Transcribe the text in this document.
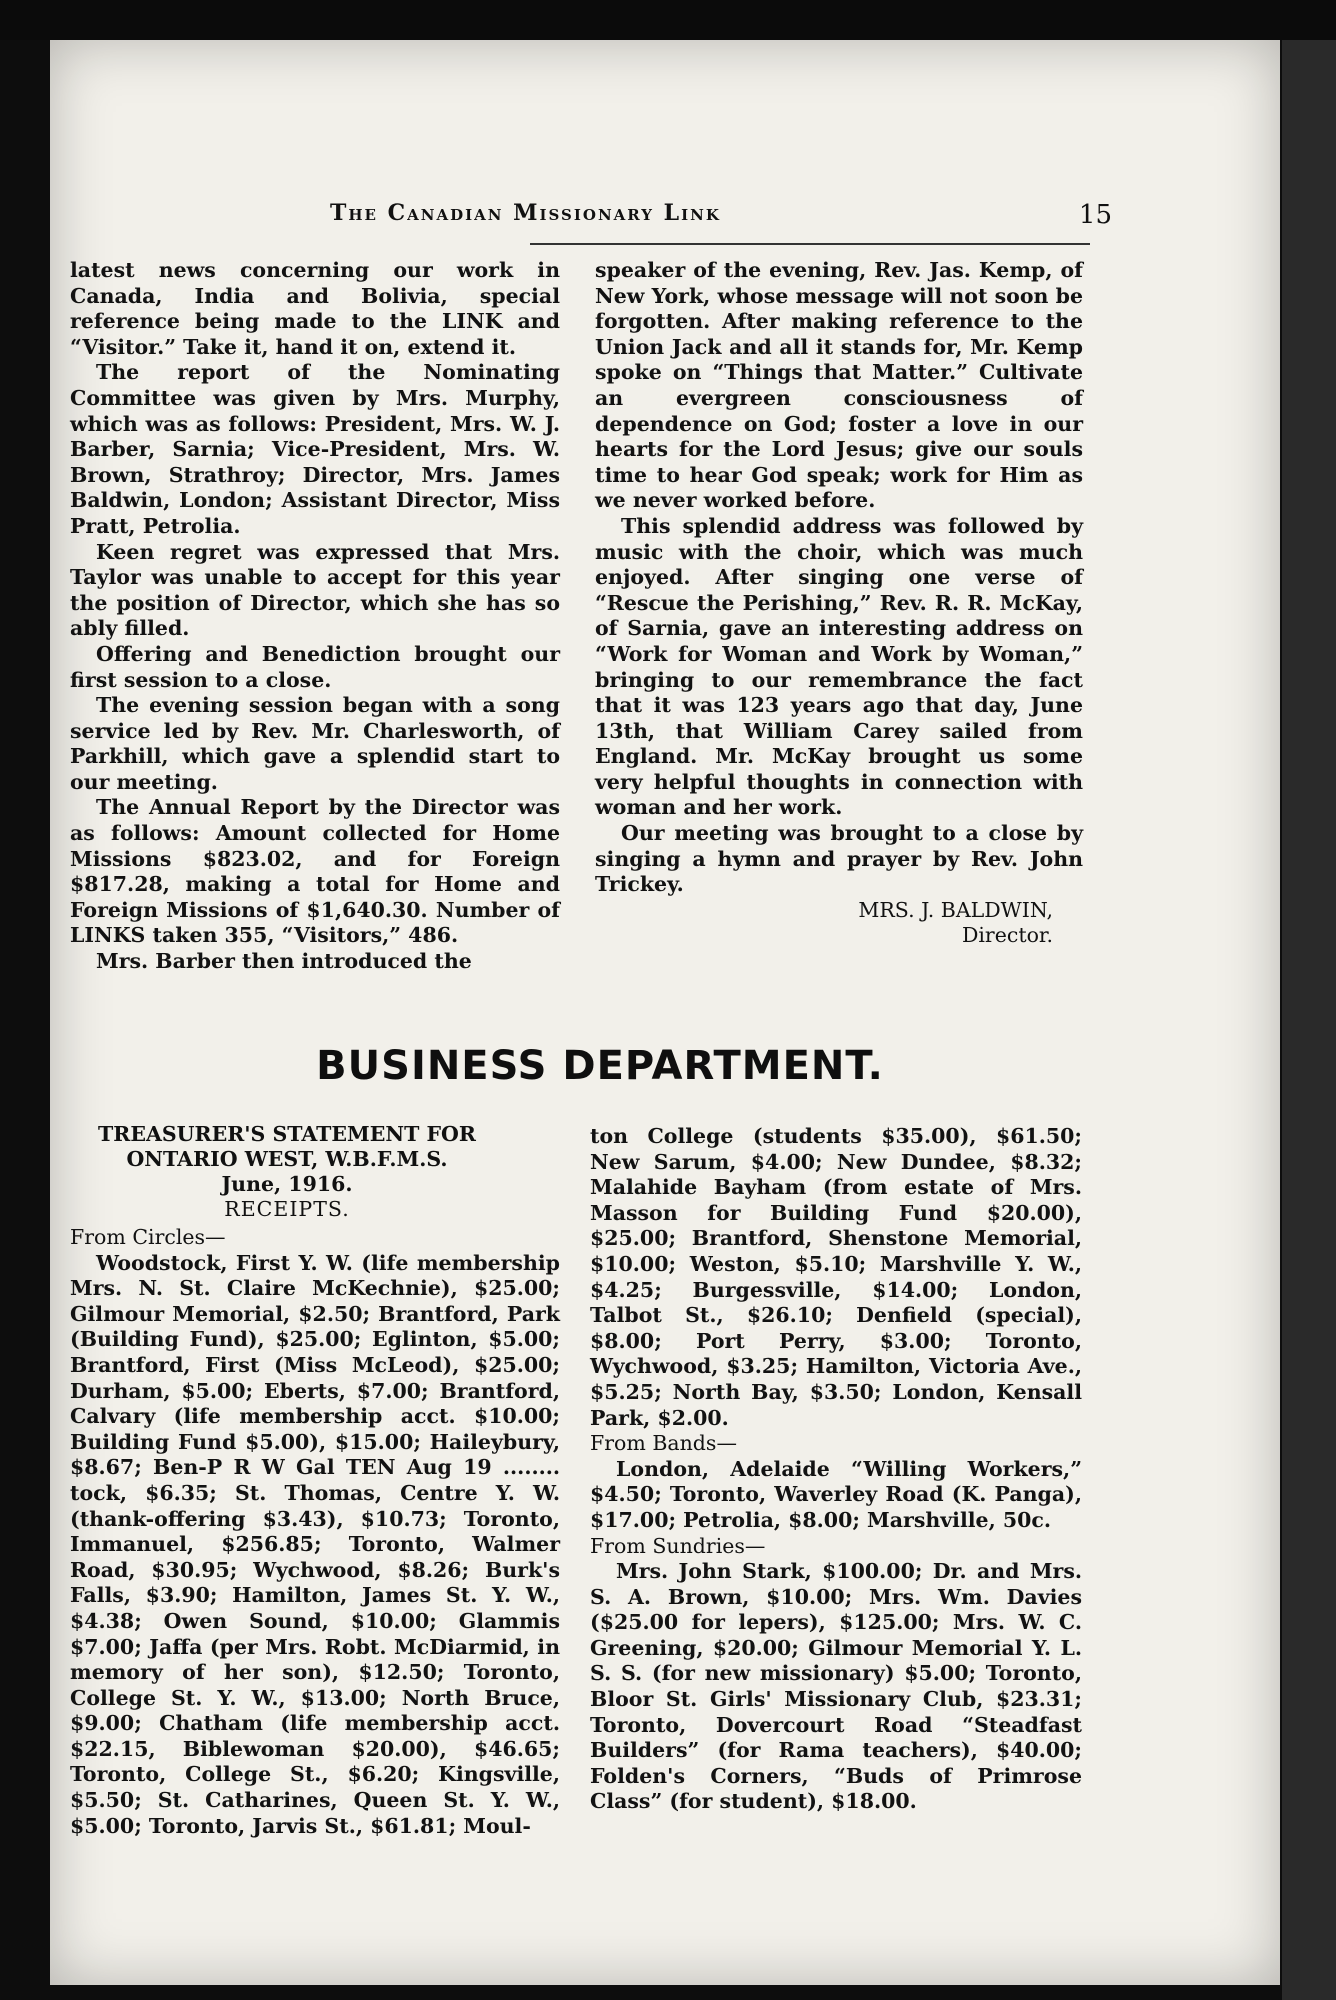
The Canadian Missionary Link	15

latest news concerning our work in Canada, India and Bolivia, special reference being made to the LINK and “Visitor.” Take it, hand it on, extend it.

The report of the Nominating Committee was given by Mrs. Murphy, which was as follows: President, Mrs. W. J. Barber, Sarnia; Vice-President, Mrs. W. Brown, Strathroy; Director, Mrs. James Baldwin, London; Assistant Director, Miss Pratt, Petrolia.

Keen regret was expressed that Mrs. Taylor was unable to accept for this year the position of Director, which she has so ably filled.

Offering and Benediction brought our first session to a close.

The evening session began with a song service led by Rev. Mr. Charlesworth, of Parkhill, which gave a splendid start to our meeting.

The Annual Report by the Director was as follows: Amount collected for Home Missions $823.02, and for Foreign $817.28, making a total for Home and Foreign Missions of $1,640.30. Number of LINKS taken 355, “Visitors,” 486.

Mrs. Barber then introduced the

speaker of the evening, Rev. Jas. Kemp, of New York, whose message will not soon be forgotten. After making reference to the Union Jack and all it stands for, Mr. Kemp spoke on “Things that Matter.” Cultivate an evergreen consciousness of dependence on God; foster a love in our hearts for the Lord Jesus; give our souls time to hear God speak; work for Him as we never worked before.

This splendid address was followed by music with the choir, which was much enjoyed. After singing one verse of “Rescue the Perishing,” Rev. R. R. McKay, of Sarnia, gave an interesting address on “Work for Woman and Work by Woman,” bringing to our remembrance the fact that it was 123 years ago that day, June 13th, that William Carey sailed from England. Mr. McKay brought us some very helpful thoughts in connection with woman and her work.

Our meeting was brought to a close by singing a hymn and prayer by Rev. John Trickey.

MRS. J. BALDWIN,

Director.

BUSINESS DEPARTMENT.
TREASURER'S STATEMENT FOR
ONTARIO WEST, W.B.F.M.S.
June, 1916.
RECEIPTS.

From Circles—

Woodstock, First Y. W. (life membership Mrs. N. St. Claire McKechnie), $25.00; Gilmour Memorial, $2.50; Brantford, Park (Building Fund), $25.00; Eglinton, $5.00; Brantford, First (Miss McLeod), $25.00; Durham, $5.00; Eberts, $7.00; Brantford, Calvary (life membership acct. $10.00; Building Fund $5.00), $15.00; Haileybury, $8.67; Ben-P R W Gal TEN Aug 19 ........ tock, $6.35; St. Thomas, Centre Y. W. (thank-offering $3.43), $10.73; Toronto, Immanuel, $256.85; Toronto, Walmer Road, $30.95; Wychwood, $8.26; Burk's Falls, $3.90; Hamilton, James St. Y. W., $4.38; Owen Sound, $10.00; Glammis $7.00; Jaffa (per Mrs. Robt. McDiarmid, in memory of her son), $12.50; Toronto, College St. Y. W., $13.00; North Bruce, $9.00; Chatham (life membership acct. $22.15, Biblewoman $20.00), $46.65; Toronto, College St., $6.20; Kingsville, $5.50; St. Catharines, Queen St. Y. W., $5.00; Toronto, Jarvis St., $61.81; Moul-

ton College (students $35.00), $61.50; New Sarum, $4.00; New Dundee, $8.32; Malahide Bayham (from estate of Mrs. Masson for Building Fund $20.00), $25.00; Brantford, Shenstone Memorial, $10.00; Weston, $5.10; Marshville Y. W., $4.25; Burgessville, $14.00; London, Talbot St., $26.10; Denfield (special), $8.00; Port Perry, $3.00; Toronto, Wychwood, $3.25; Hamilton, Victoria Ave., $5.25; North Bay, $3.50; London, Kensall Park, $2.00.

From Bands—

London, Adelaide “Willing Workers,” $4.50; Toronto, Waverley Road (K. Panga), $17.00; Petrolia, $8.00; Marshville, 50c.

From Sundries—

Mrs. John Stark, $100.00; Dr. and Mrs. S. A. Brown, $10.00; Mrs. Wm. Davies ($25.00 for lepers), $125.00; Mrs. W. C. Greening, $20.00; Gilmour Memorial Y. L. S. S. (for new missionary) $5.00; Toronto, Bloor St. Girls' Missionary Club, $23.31; Toronto, Dovercourt Road “Steadfast Builders” (for Rama teachers), $40.00; Folden's Corners, “Buds of Primrose Class” (for student), $18.00.
